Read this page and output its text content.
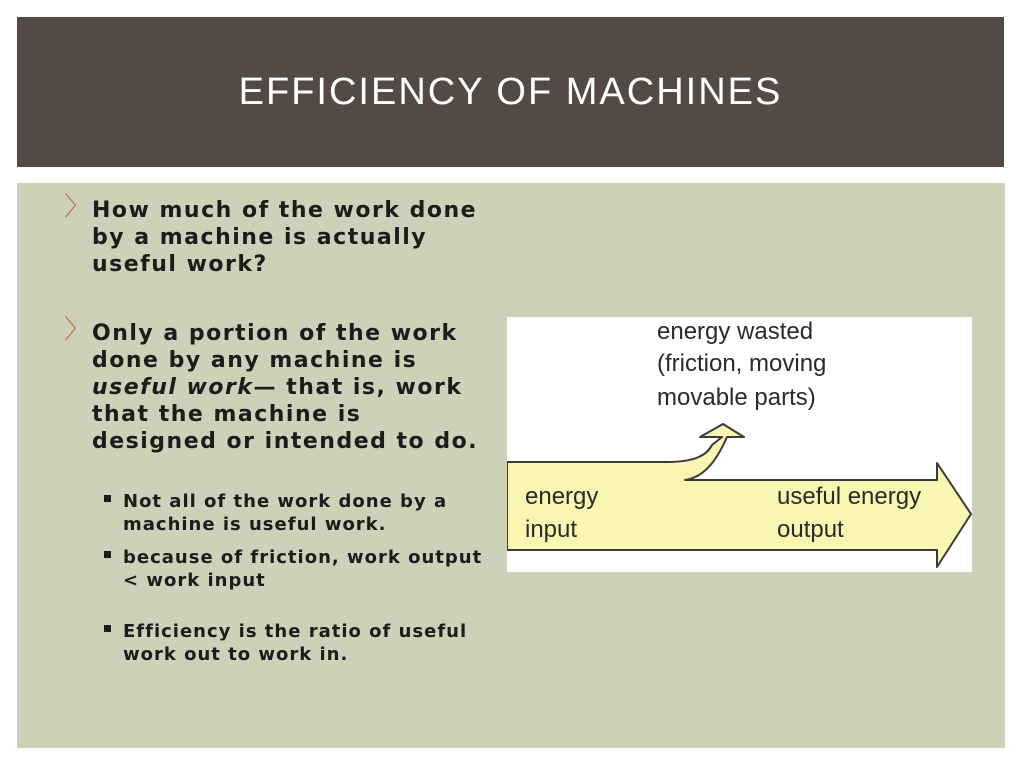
EFFICIENCY OF MACHINES
〉 How much of the work done by a machine is actually useful work?
〉 Only a portion of the work done by any machine is useful work— that is, work that the machine is designed or intended to do.
Not all of the work done by a machine is useful work.
because of friction, work output < work input
Efficiency is the ratio of useful work out to work in.
energy wasted
(friction, moving
movable parts)
energy
input
useful energy
output
